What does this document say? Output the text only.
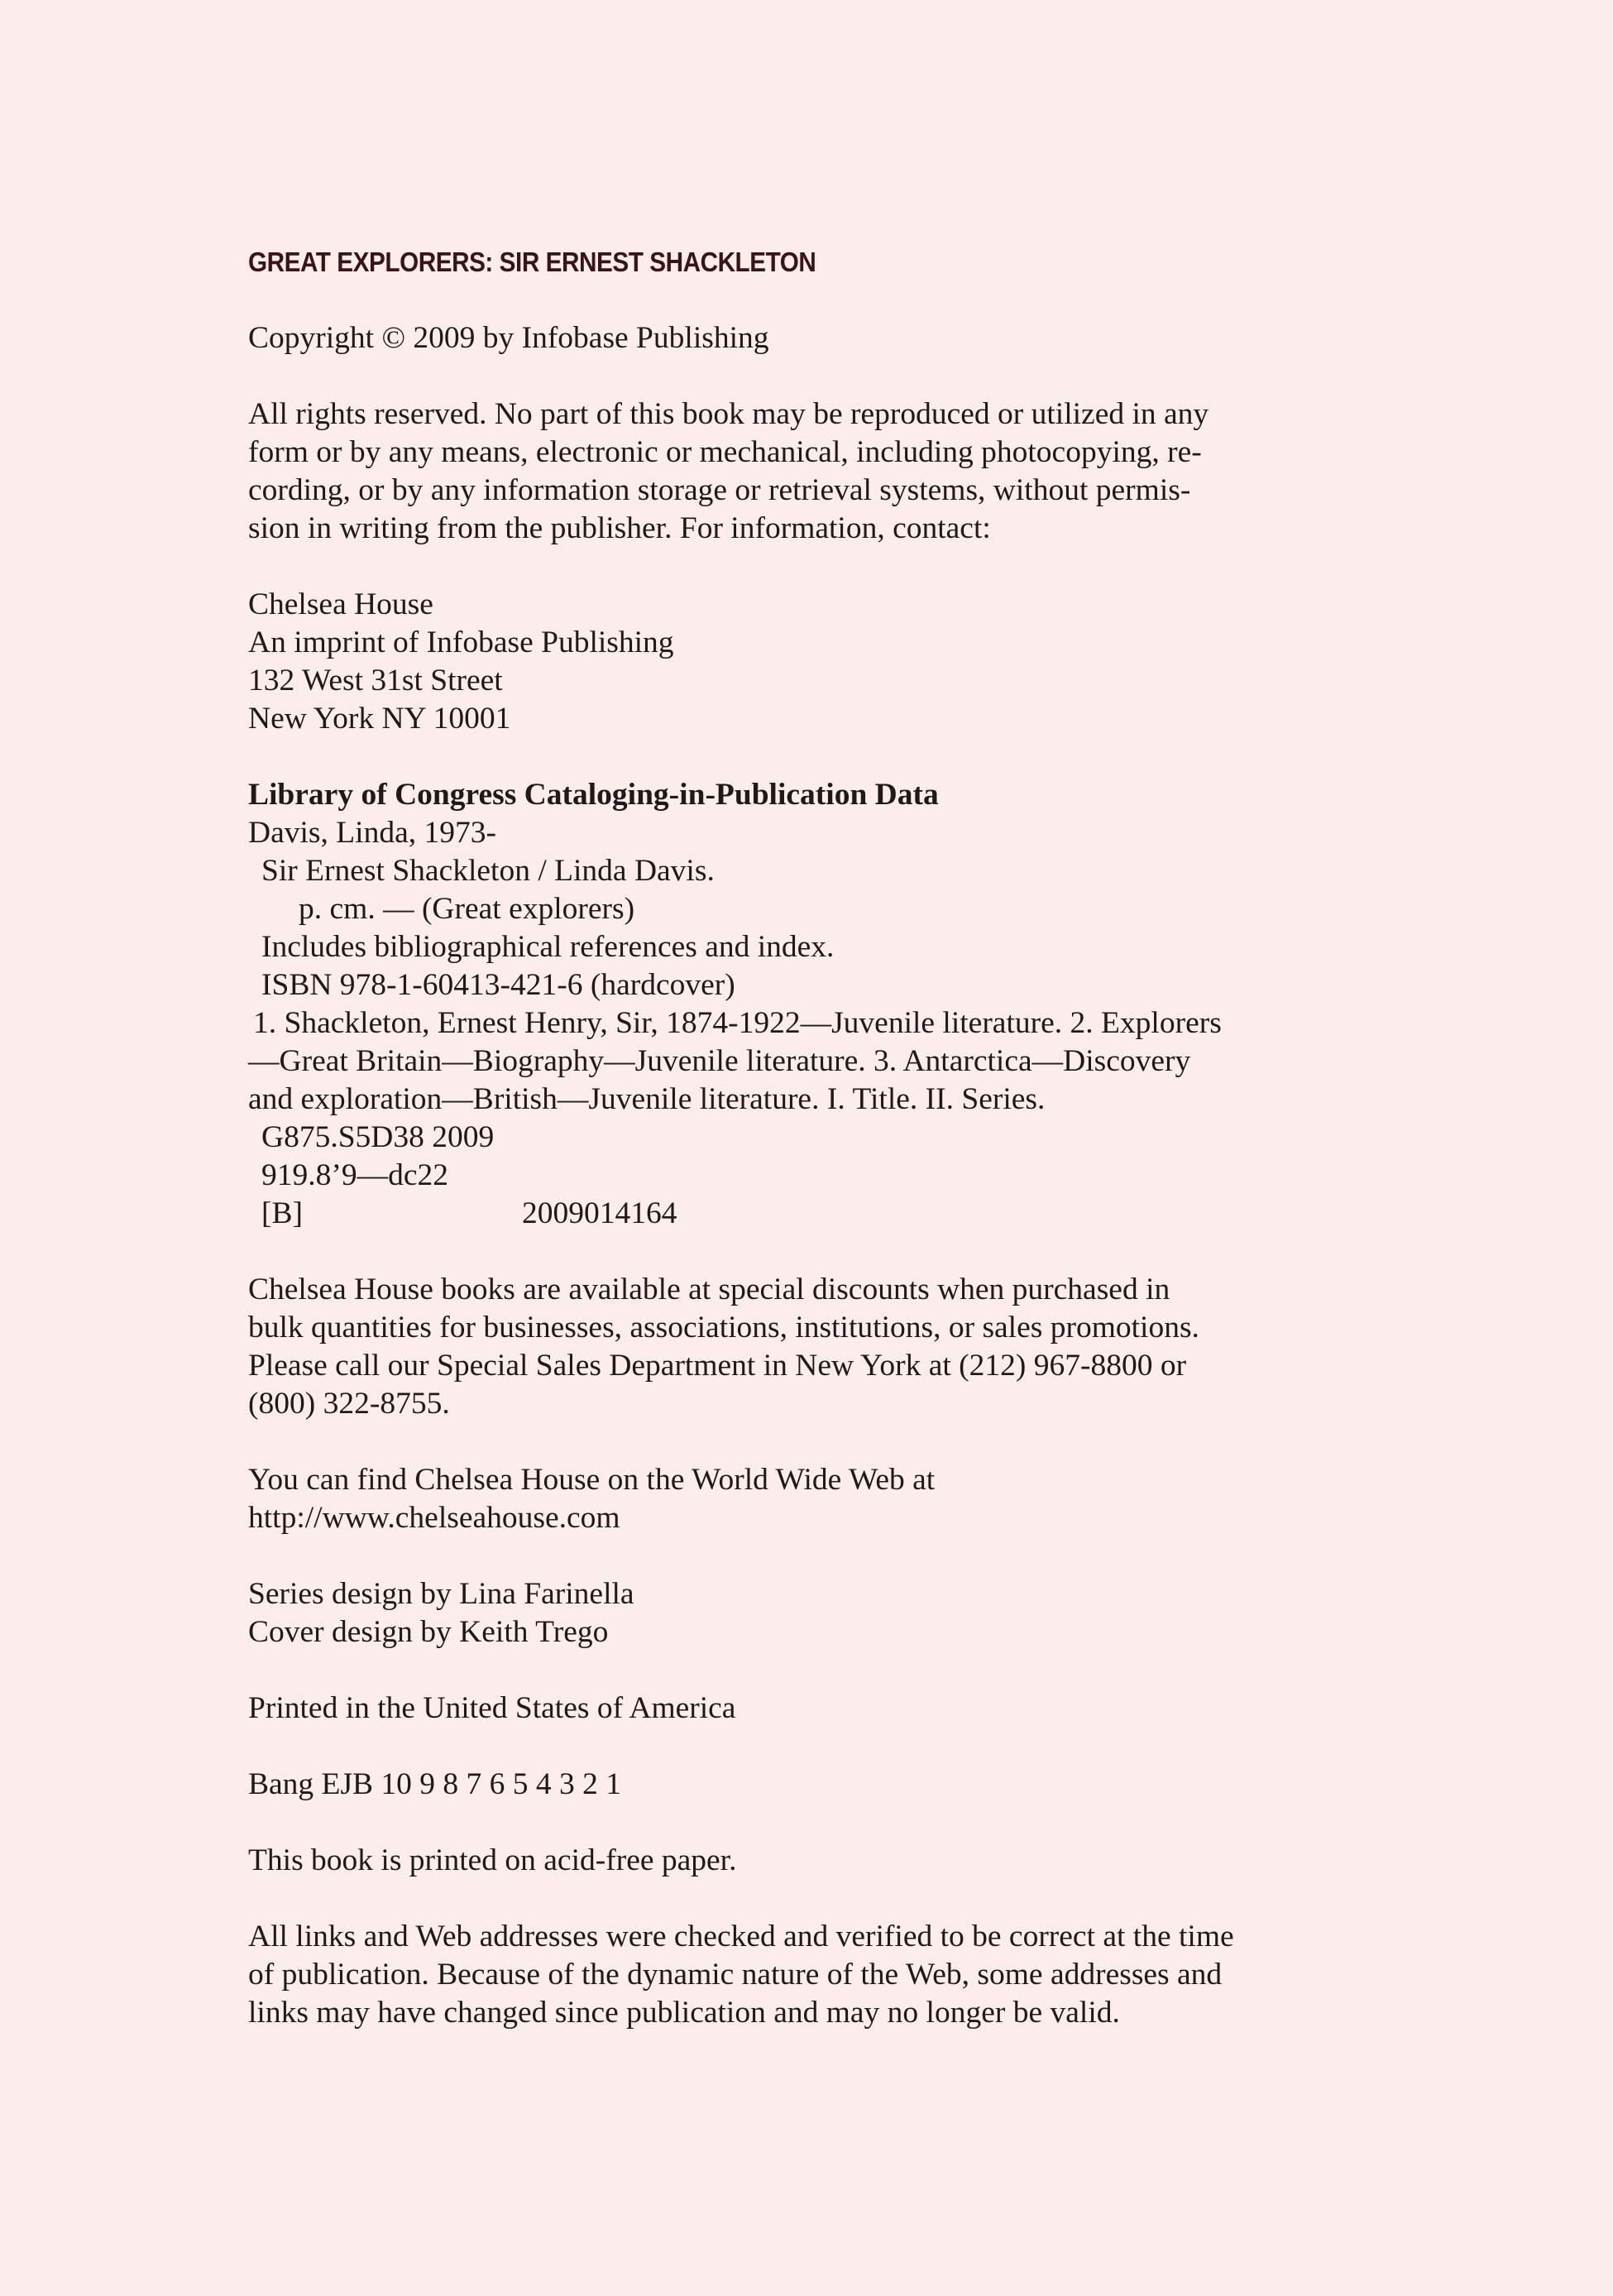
GREAT EXPLORERS: SIR ERNEST SHACKLETON
Copyright © 2009 by Infobase Publishing
All rights reserved. No part of this book may be reproduced or utilized in any
form or by any means, electronic or mechanical, including photocopying, re-
cording, or by any information storage or retrieval systems, without permis-
sion in writing from the publisher. For information, contact:
Chelsea House
An imprint of Infobase Publishing
132 West 31st Street
New York NY 10001
Library of Congress Cataloging-in-Publication Data
Davis, Linda, 1973-
Sir Ernest Shackleton / Linda Davis.
p. cm. — (Great explorers)
Includes bibliographical references and index.
ISBN 978-1-60413-421-6 (hardcover)
1. Shackleton, Ernest Henry, Sir, 1874-1922—Juvenile literature. 2. Explorers
—Great Britain—Biography—Juvenile literature. 3. Antarctica—Discovery
and exploration—British—Juvenile literature. I. Title. II. Series.
G875.S5D38 2009
919.8’9—dc22
[B]	2009014164
Chelsea House books are available at special discounts when purchased in
bulk quantities for businesses, associations, institutions, or sales promotions.
Please call our Special Sales Department in New York at (212) 967-8800 or
(800) 322-8755.
You can find Chelsea House on the World Wide Web at
http://www.chelseahouse.com
Series design by Lina Farinella
Cover design by Keith Trego
Printed in the United States of America
Bang EJB 10 9 8 7 6 5 4 3 2 1
This book is printed on acid-free paper.
All links and Web addresses were checked and verified to be correct at the time
of publication. Because of the dynamic nature of the Web, some addresses and
links may have changed since publication and may no longer be valid.
